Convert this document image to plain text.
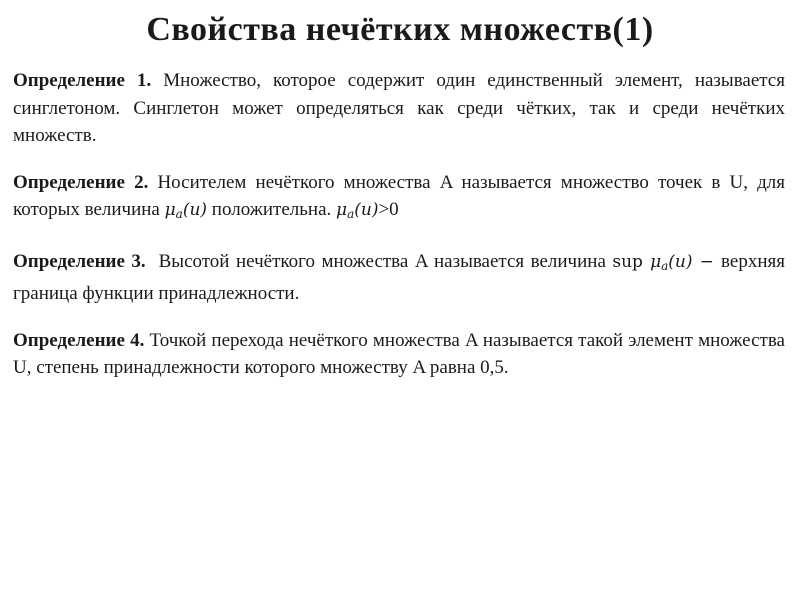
Свойства нечётких множеств(1)

Определение 1. Множество, которое содержит один единственный элемент, называется синглетоном. Синглетон может определяться как среди чётких, так и среди нечётких множеств.

Определение 2. Носителем нечёткого множества A называется множество точек в U, для которых величина $\mu_a(u)$ положительна. $\mu_a(u)>0$

Определение 3.  Высотой нечёткого множества A называется величина sup $\mu_a(u)$ − верхняя граница функции принадлежности.

Определение 4. Точкой перехода нечёткого множества A называется такой элемент множества U, степень принадлежности которого множеству A равна 0,5.
